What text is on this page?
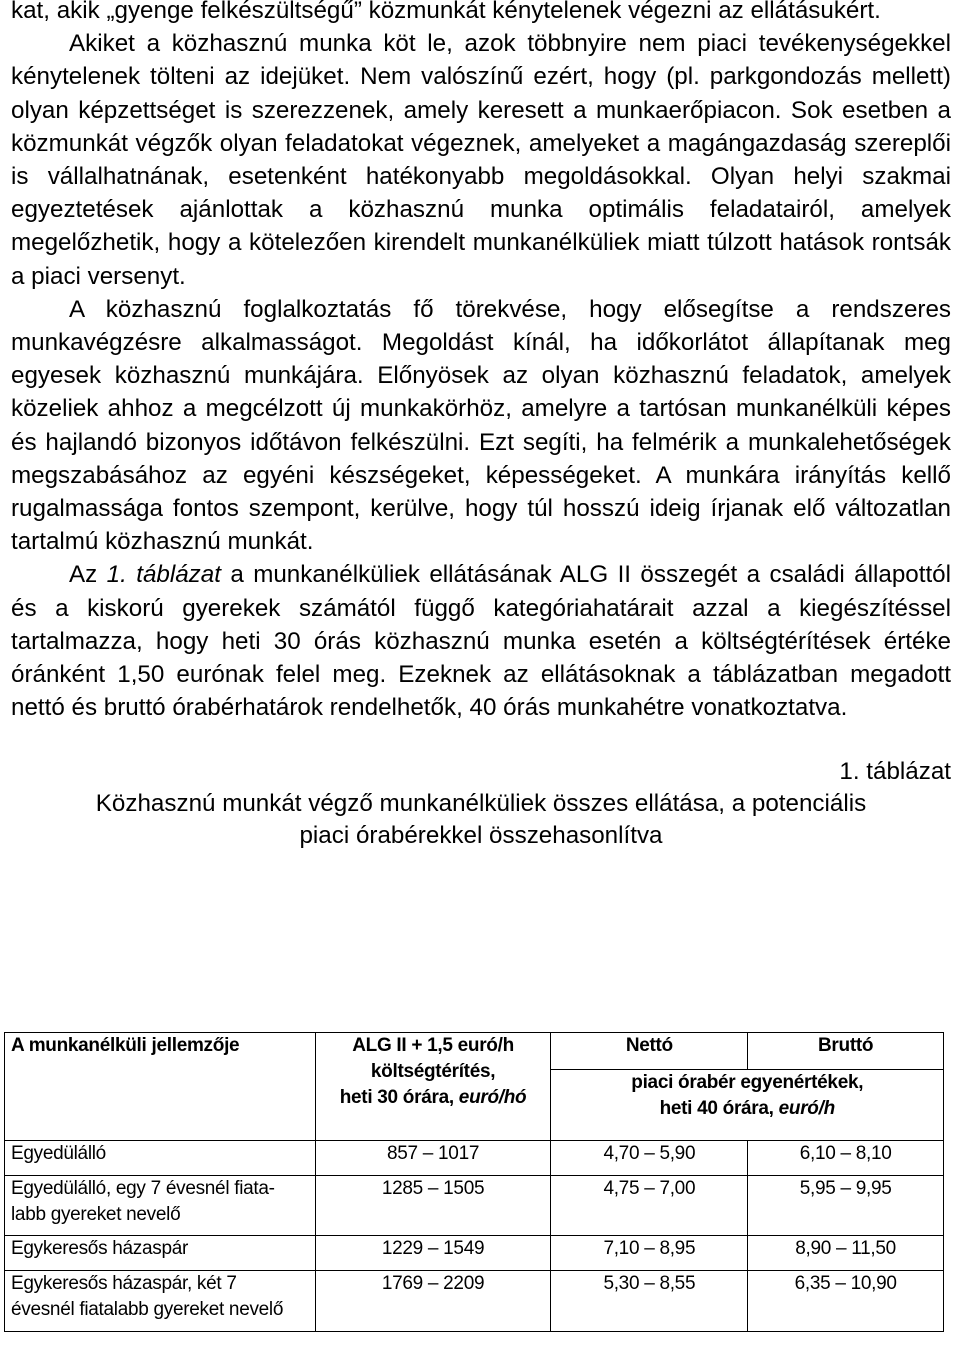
kat, akik „gyenge felkészültségű” közmunkát kénytelenek végezni az ellátásukért.

Akiket a közhasznú munka köt le, azok többnyire nem piaci tevékenységekkel kénytelenek tölteni az idejüket. Nem valószínű ezért, hogy (pl. parkgondozás mellett) olyan képzettséget is szerezzenek, amely keresett a munkaerőpiacon. Sok esetben a közmunkát végzők olyan feladatokat végeznek, amelyeket a magángazdaság szereplői is vállalhatnának, esetenként hatékonyabb megoldásokkal. Olyan helyi szakmai egyeztetések ajánlottak a közhasznú munka optimális feladatairól, amelyek megelőzhetik, hogy a kötelezően kirendelt munkanélküliek miatt túlzott hatások rontsák a piaci versenyt.

A közhasznú foglalkoztatás fő törekvése, hogy elősegítse a rendszeres munkavégzésre alkalmasságot. Megoldást kínál, ha időkorlátot állapítanak meg egyesek közhasznú munkájára. Előnyösek az olyan közhasznú feladatok, amelyek közeliek ahhoz a megcélzott új munkakörhöz, amelyre a tartósan munkanélküli képes és hajlandó bizonyos időtávon felkészülni. Ezt segíti, ha felmérik a munkalehetőségek megszabásához az egyéni készségeket, képességeket. A munkára irányítás kellő rugalmassága fontos szempont, kerülve, hogy túl hosszú ideig írjanak elő változatlan tartalmú közhasznú munkát.

Az 1. táblázat a munkanélküliek ellátásának ALG II összegét a családi állapottól és a kiskorú gyerekek számától függő kategóriahatárait azzal a kiegészítéssel tartalmazza, hogy heti 30 órás közhasznú munka esetén a költségtérítések értéke óránként 1,50 eurónak felel meg. Ezeknek az ellátásoknak a táblázatban megadott nettó és bruttó órabérhatárok rendelhetők, 40 órás munkahétre vonatkoztatva.

1. táblázat

Közhasznú munkát végző munkanélküliek összes ellátása, a potenciális

piaci órabérekkel összehasonlítva

A munkanélküli jellemzője	ALG II + 1,5 euró/h
költségtérítés,
heti 30 órára, euró/hó	Nettó	Bruttó

		piaci órabér egyenértékek,
heti 40 órára, euró/h	

Egyedülálló	857 – 1017	4,70 – 5,90	6,10 – 8,10

Egyedülálló, egy 7 évesnél fiata-
labb gyereket nevelő	1285 – 1505	4,75 – 7,00	5,95 – 9,95
Egykeresős házaspár	1229 – 1549	7,10 – 8,95	8,90 – 11,50

Egykeresős házaspár, két 7
évesnél fiatalabb gyereket nevelő	1769 – 2209	5,30 – 8,55	6,35 – 10,90
